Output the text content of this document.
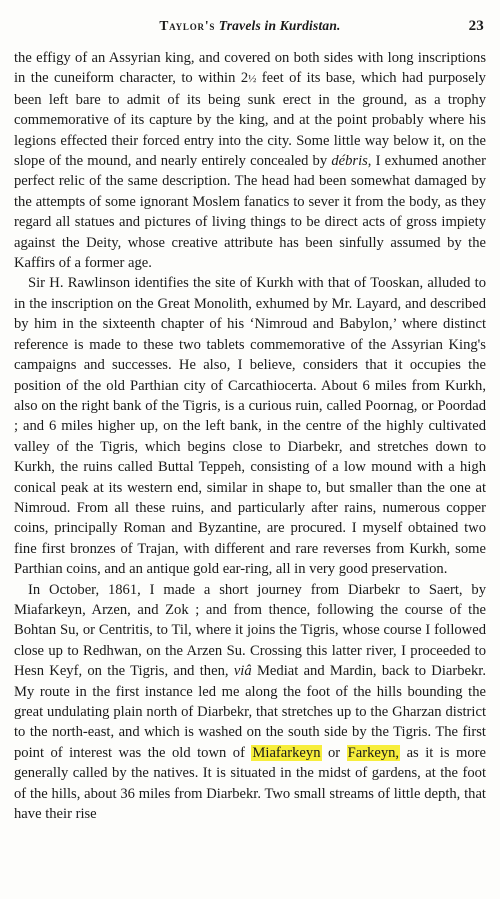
Taylor's Travels in Kurdistan.	23

the effigy of an Assyrian king, and covered on both sides with long inscriptions in the cuneiform character, to within 2½ feet of its base, which had purposely been left bare to admit of its being sunk erect in the ground, as a trophy commemorative of its capture by the king, and at the point probably where his legions effected their forced entry into the city. Some little way below it, on the slope of the mound, and nearly entirely concealed by débris, I exhumed another perfect relic of the same description. The head had been somewhat damaged by the attempts of some ignorant Moslem fanatics to sever it from the body, as they regard all statues and pictures of living things to be direct acts of gross impiety against the Deity, whose creative attribute has been sinfully assumed by the Kaffirs of a former age.

Sir H. Rawlinson identifies the site of Kurkh with that of Tooskan, alluded to in the inscription on the Great Monolith, exhumed by Mr. Layard, and described by him in the sixteenth chapter of his ‘Nimroud and Babylon,’ where distinct reference is made to these two tablets commemorative of the Assyrian King's campaigns and successes. He also, I believe, considers that it occupies the position of the old Parthian city of Carcathiocerta. About 6 miles from Kurkh, also on the right bank of the Tigris, is a curious ruin, called Poornag, or Poordad ; and 6 miles higher up, on the left bank, in the centre of the highly cultivated valley of the Tigris, which begins close to Diarbekr, and stretches down to Kurkh, the ruins called Buttal Teppeh, consisting of a low mound with a high conical peak at its western end, similar in shape to, but smaller than the one at Nimroud. From all these ruins, and particularly after rains, numerous copper coins, principally Roman and Byzantine, are procured. I myself obtained two fine first bronzes of Trajan, with different and rare reverses from Kurkh, some Parthian coins, and an antique gold ear-ring, all in very good preservation.

In October, 1861, I made a short journey from Diarbekr to Saert, by Miafarkeyn, Arzen, and Zok ; and from thence, following the course of the Bohtan Su, or Centritis, to Til, where it joins the Tigris, whose course I followed close up to Redhwan, on the Arzen Su. Crossing this latter river, I proceeded to Hesn Keyf, on the Tigris, and then, viâ Mediat and Mardin, back to Diarbekr. My route in the first instance led me along the foot of the hills bounding the great undulating plain north of Diarbekr, that stretches up to the Gharzan district to the north-east, and which is washed on the south side by the Tigris. The first point of interest was the old town of Miafarkeyn or Farkeyn, as it is more generally called by the natives. It is situated in the midst of gardens, at the foot of the hills, about 36 miles from Diarbekr. Two small streams of little depth, that have their rise
